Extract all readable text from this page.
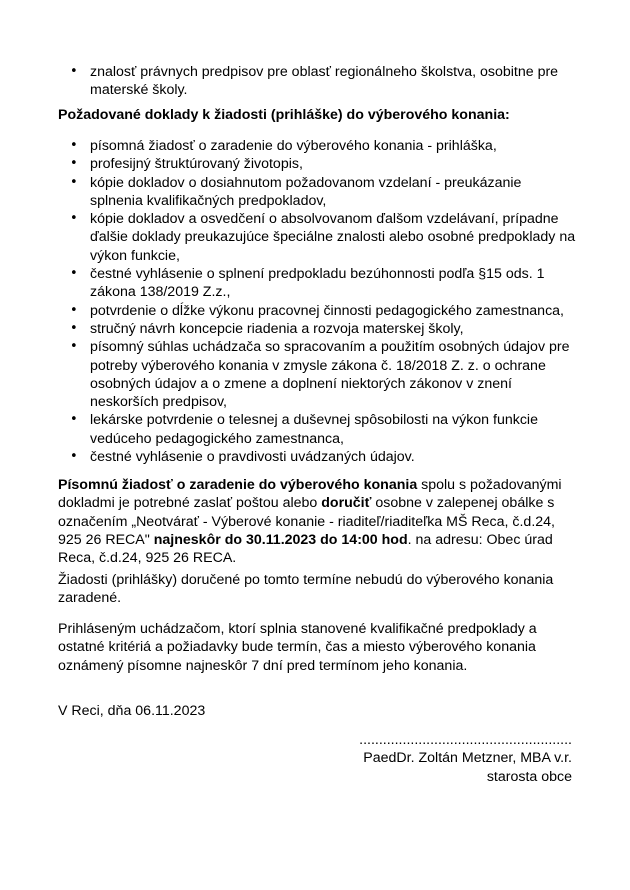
• znalosť právnych predpisov pre oblasť regionálneho školstva, osobitne pre materské školy.

Požadované doklady k žiadosti (prihláške) do výberového konania:

• písomná žiadosť o zaradenie do výberového konania - prihláška,
• profesijný štruktúrovaný životopis,
• kópie dokladov o dosiahnutom požadovanom vzdelaní - preukázanie splnenia kvalifikačných predpokladov,
• kópie dokladov a osvedčení o absolvovanom ďalšom vzdelávaní, prípadne ďalšie doklady preukazujúce špeciálne znalosti alebo osobné predpoklady na výkon funkcie,
• čestné vyhlásenie o splnení predpokladu bezúhonnosti podľa §15 ods. 1 zákona 138/2019 Z.z.,
• potvrdenie o dĺžke výkonu pracovnej činnosti pedagogického zamestnanca,
• stručný návrh koncepcie riadenia a rozvoja materskej školy,
• písomný súhlas uchádzača so spracovaním a použitím osobných údajov pre potreby výberového konania v zmysle zákona č. 18/2018 Z. z. o ochrane osobných údajov a o zmene a doplnení niektorých zákonov v znení neskorších predpisov,
• lekárske potvrdenie o telesnej a duševnej spôsobilosti na výkon funkcie vedúceho pedagogického zamestnanca,
• čestné vyhlásenie o pravdivosti uvádzaných údajov.

Písomnú žiadosť o zaradenie do výberového konania spolu s požadovanými dokladmi je potrebné zaslať poštou alebo doručiť osobne v zalepenej obálke s označením „Neotvárať - Výberové konanie - riaditeľ/riaditeľka MŠ Reca, č.d.24, 925 26 RECA" najneskôr do 30.11.2023 do 14:00 hod. na adresu: Obec úrad Reca, č.d.24, 925 26 RECA.

Žiadosti (prihlášky) doručené po tomto termíne nebudú do výberového konania zaradené.

Prihláseným uchádzačom, ktorí splnia stanovené kvalifikačné predpoklady a ostatné kritériá a požiadavky bude termín, čas a miesto výberového konania oznámený písomne najneskôr 7 dní pred termínom jeho konania.

V Reci, dňa 06.11.2023

......................................................
PaedDr. Zoltán Metzner, MBA v.r.
starosta obce
